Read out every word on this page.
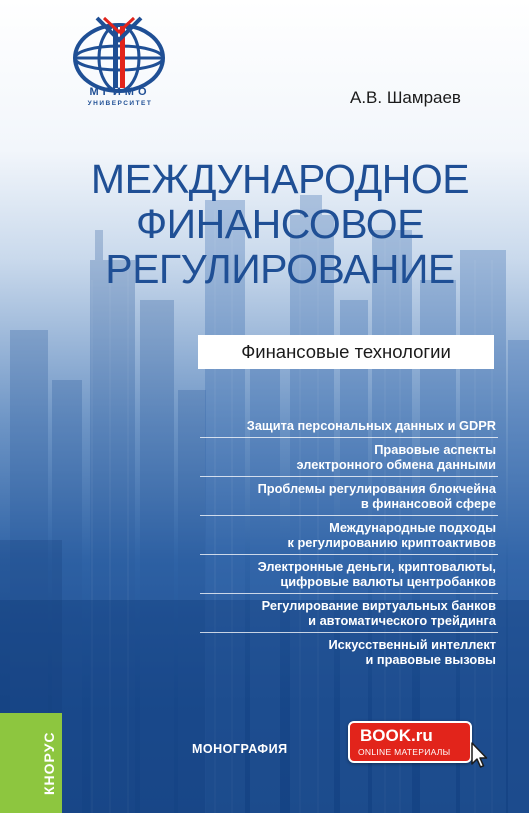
КНОРУС
МГИМО
УНИВЕРСИТЕТ	А.В. Шамраев
МЕЖДУНАРОДНОЕ
ФИНАНСОВОЕ
РЕГУЛИРОВАНИЕ
Финансовые технологии
Защита персональных данных и GDPR
Правовые аспекты
электронного обмена данными
Проблемы регулирования блокчейна
в финансовой сфере
Международные подходы
к регулированию криптоактивов
Электронные деньги, криптовалюты,
цифровые валюты центробанков
Регулирование виртуальных банков
и автоматического трейдинга
Искусственный интеллект
и правовые вызовы
МОНОГРАФИЯ
BOOK.ru
ONLINE МАТЕРИАЛЫ
